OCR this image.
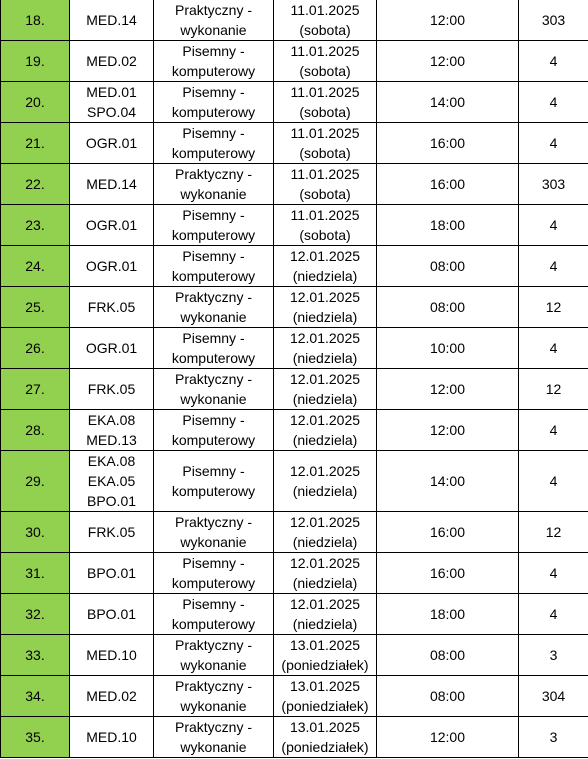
18.	MED.14	Praktyczny -
wykonanie	11.01.2025
(sobota)	12:00	303
19.	MED.02	Pisemny -
komputerowy	11.01.2025
(sobota)	12:00	4
20.	MED.01
SPO.04	Pisemny -
komputerowy	11.01.2025
(sobota)	14:00	4
21.	OGR.01	Pisemny -
komputerowy	11.01.2025
(sobota)	16:00	4
22.	MED.14	Praktyczny -
wykonanie	11.01.2025
(sobota)	16:00	303
23.	OGR.01	Pisemny -
komputerowy	11.01.2025
(sobota)	18:00	4
24.	OGR.01	Pisemny -
komputerowy	12.01.2025
(niedziela)	08:00	4
25.	FRK.05	Praktyczny -
wykonanie	12.01.2025
(niedziela)	08:00	12
26.	OGR.01	Pisemny -
komputerowy	12.01.2025
(niedziela)	10:00	4
27.	FRK.05	Praktyczny -
wykonanie	12.01.2025
(niedziela)	12:00	12
28.	EKA.08
MED.13	Pisemny -
komputerowy	12.01.2025
(niedziela)	12:00	4
29.	EKA.08
EKA.05
BPO.01	Pisemny -
komputerowy	12.01.2025
(niedziela)	14:00	4
30.	FRK.05	Praktyczny -
wykonanie	12.01.2025
(niedziela)	16:00	12
31.	BPO.01	Pisemny -
komputerowy	12.01.2025
(niedziela)	16:00	4
32.	BPO.01	Pisemny -
komputerowy	12.01.2025
(niedziela)	18:00	4
33.	MED.10	Praktyczny -
wykonanie	13.01.2025
(poniedziałek)	08:00	3
34.	MED.02	Praktyczny -
wykonanie	13.01.2025
(poniedziałek)	08:00	304
35.	MED.10	Praktyczny -
wykonanie	13.01.2025
(poniedziałek)	12:00	3
